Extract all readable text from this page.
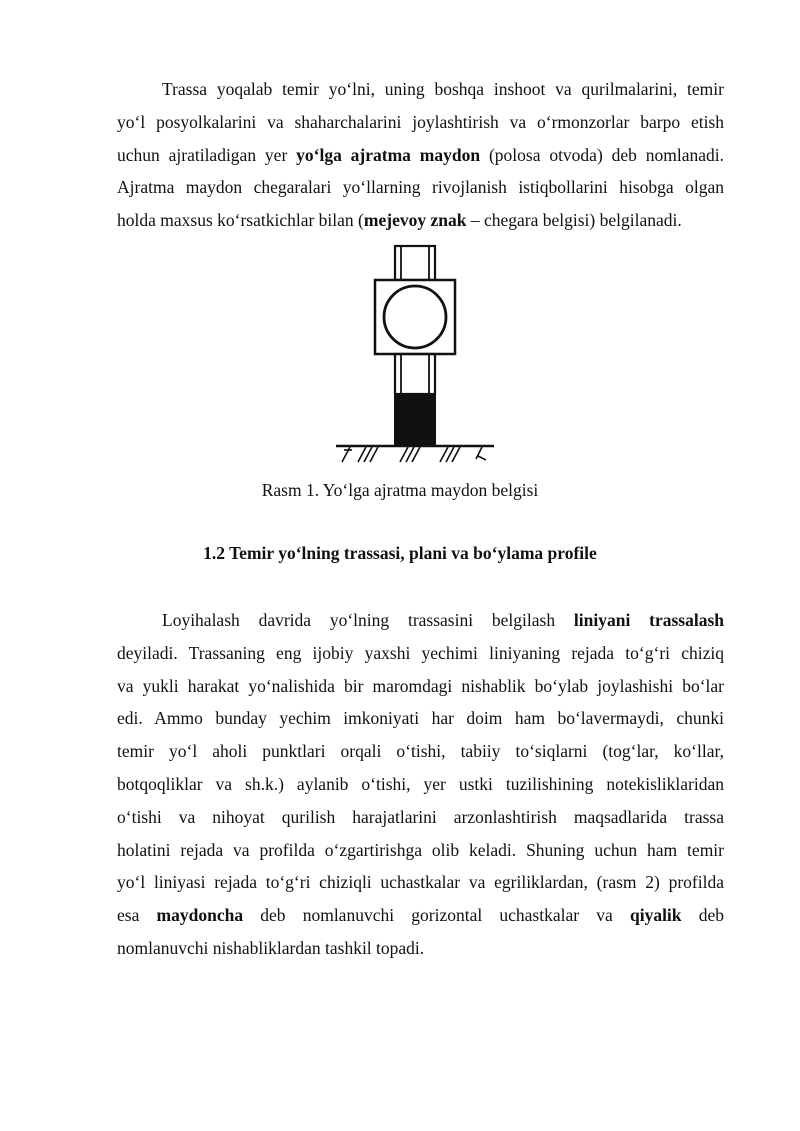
Trassa yoqalab temir yo‘lni, uning boshqa inshoot va qurilmalarini, temir
yo‘l posyolkalarini va shaharchalarini joylashtirish va o‘rmonzorlar barpo etish
uchun ajratiladigan yer yo‘lga ajratma maydon (polosa otvoda) deb nomlanadi.
Ajratma maydon chegaralari yo‘llarning rivojlanish istiqbollarini hisobga olgan
holda maxsus ko‘rsatkichlar bilan (mejevoy znak – chegara belgisi) belgilanadi.

Rasm 1. Yo‘lga ajratma maydon belgisi

1.2 Temir yo‘lning trassasi, plani va bo‘ylama profile

Loyihalash davrida yo‘lning trassasini belgilash liniyani trassalash
deyiladi. Trassaning eng ijobiy yaxshi yechimi liniyaning rejada to‘g‘ri chiziq
va yukli harakat yo‘nalishida bir maromdagi nishablik bo‘ylab joylashishi bo‘lar
edi. Ammo bunday yechim imkoniyati har doim ham bo‘lavermaydi, chunki
temir yo‘l aholi punktlari orqali o‘tishi, tabiiy to‘siqlarni (tog‘lar, ko‘llar,
botqoqliklar va sh.k.) aylanib o‘tishi, yer ustki tuzilishining notekisliklaridan
o‘tishi va nihoyat qurilish harajatlarini arzonlashtirish maqsadlarida trassa
holatini rejada va profilda o‘zgartirishga olib keladi. Shuning uchun ham temir
yo‘l liniyasi rejada to‘g‘ri chiziqli uchastkalar va egriliklardan, (rasm 2) profilda
esa maydoncha deb nomlanuvchi gorizontal uchastkalar va qiyalik deb
nomlanuvchi nishabliklardan tashkil topadi.
